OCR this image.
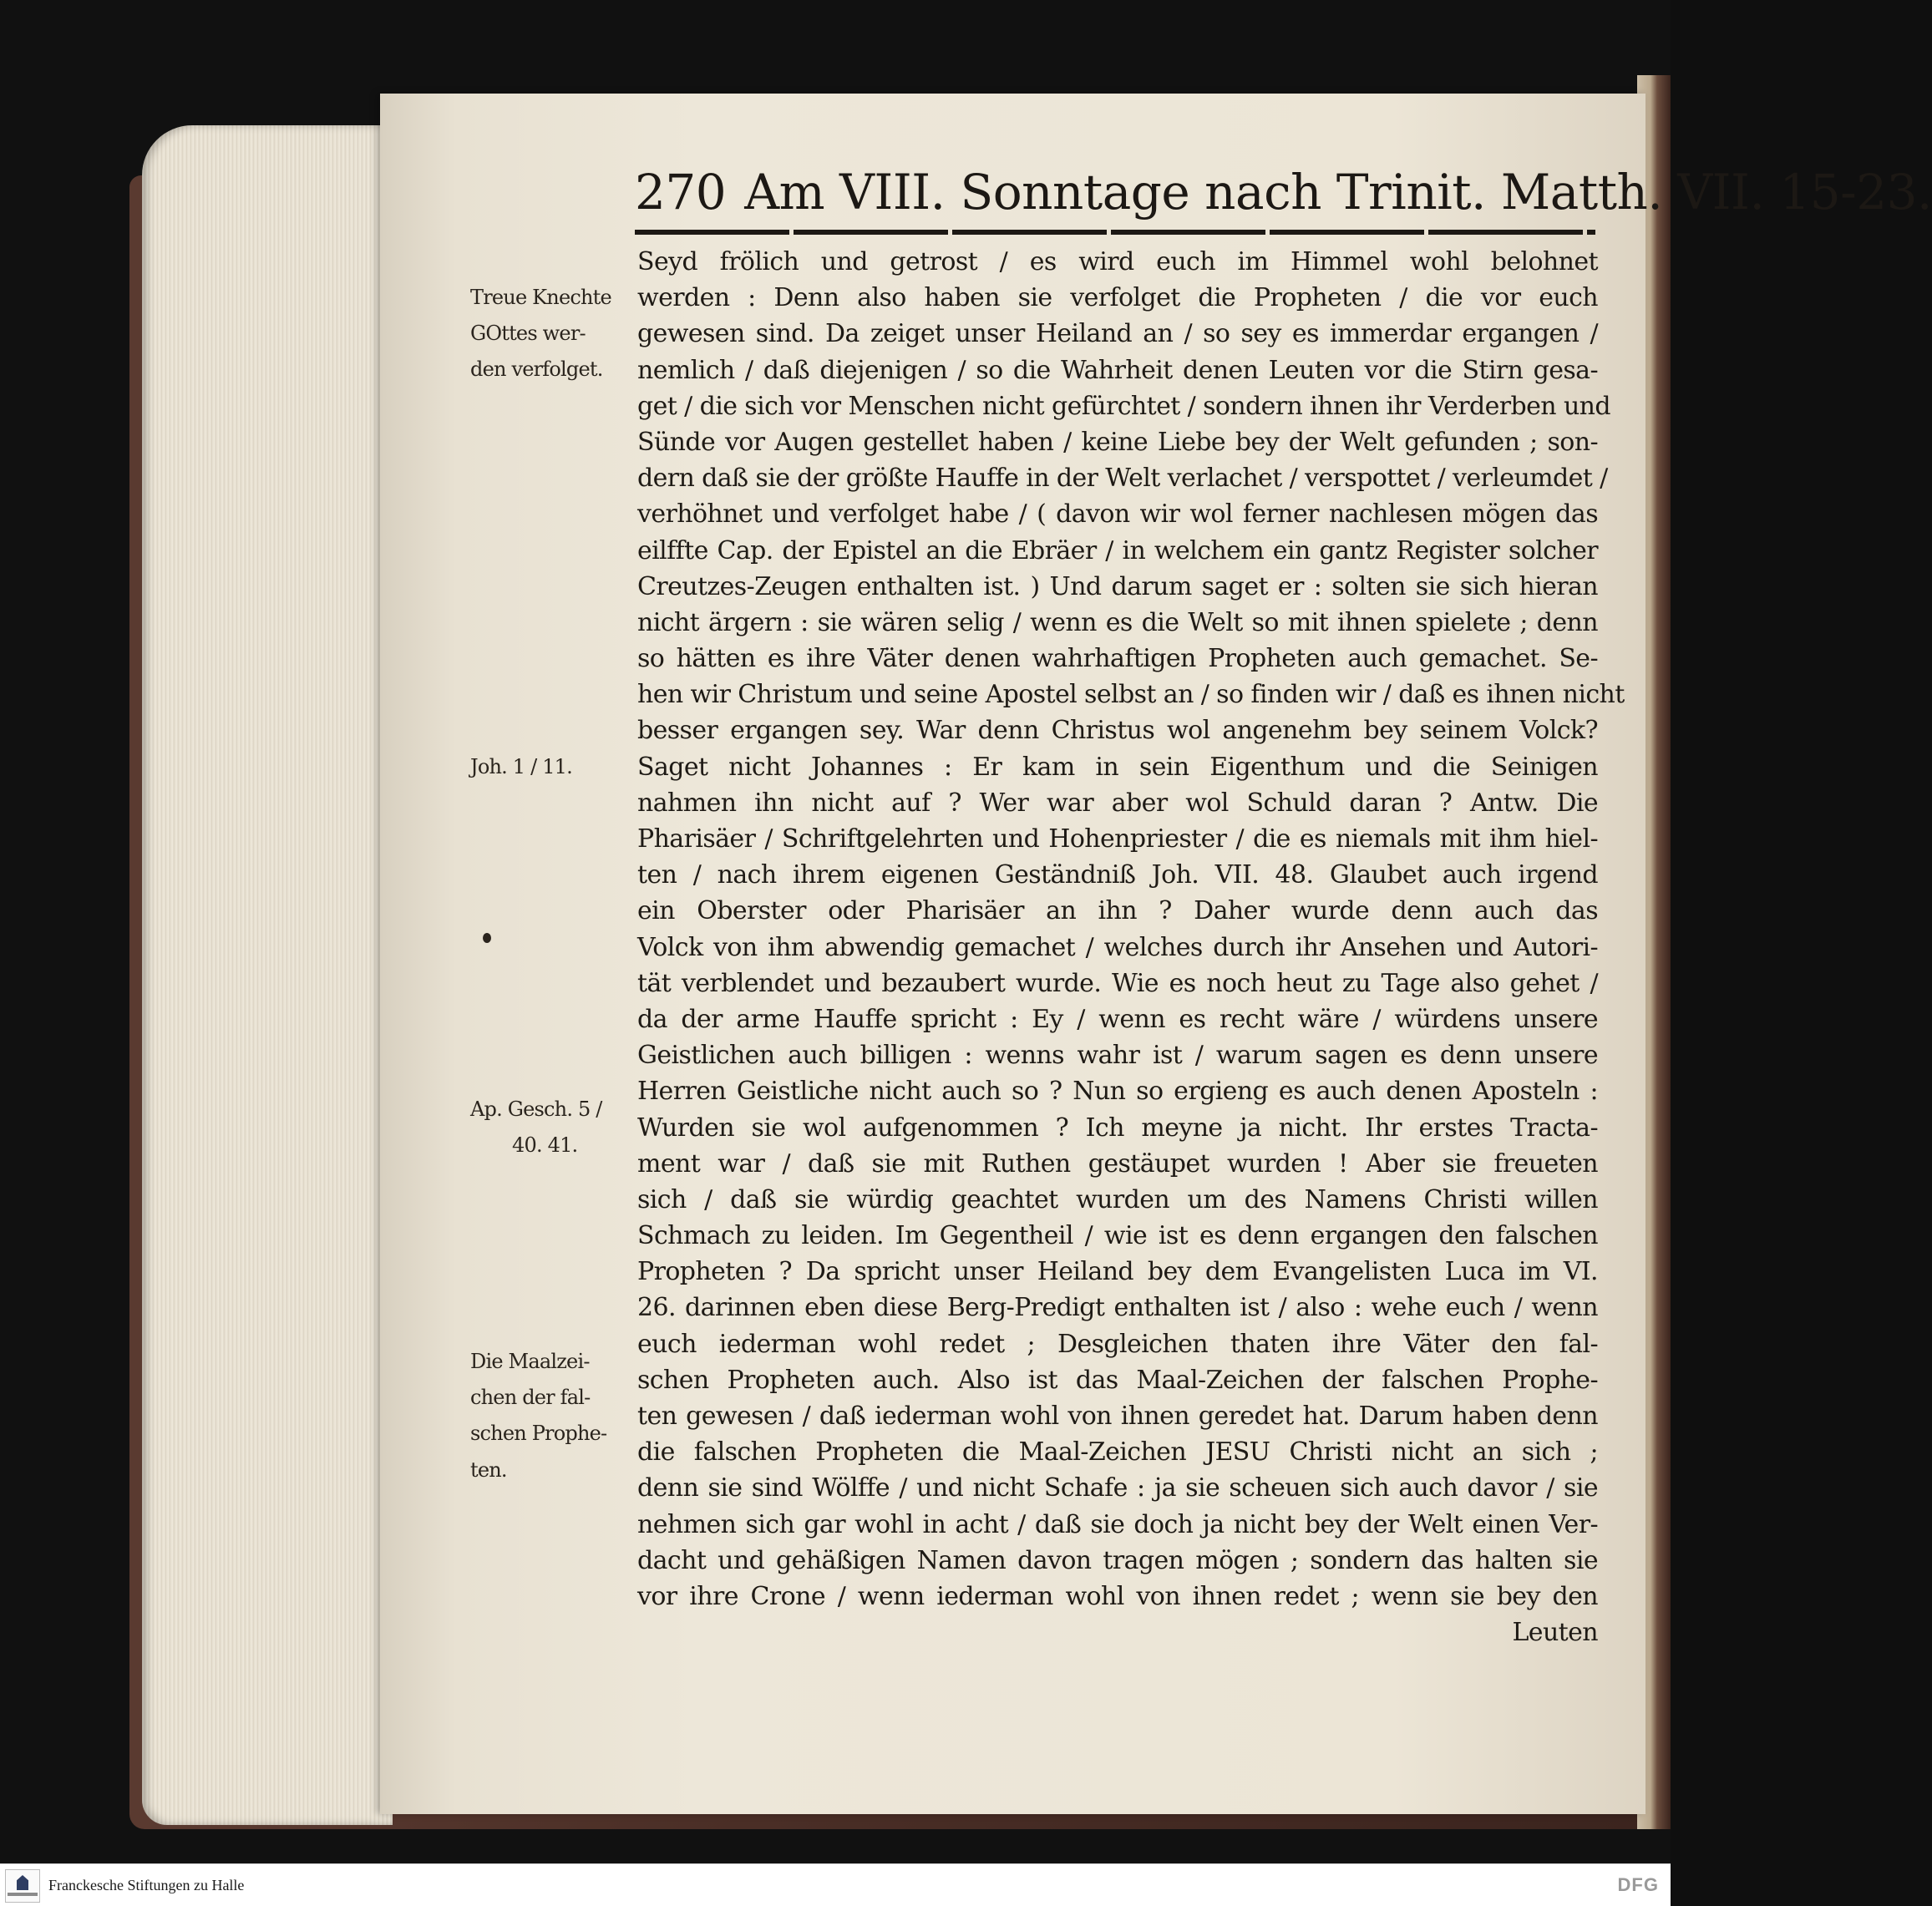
270 Am VIII. Sonntage nach Trinit. Matth. VII. 15-23.
Seyd frölich und getrost / es wird euch im Himmel wohl belohnet
werden : Denn also haben sie verfolget die Propheten / die vor euch
gewesen sind. Da zeiget unser Heiland an / so sey es immerdar ergangen /
nemlich / daß diejenigen / so die Wahrheit denen Leuten vor die Stirn gesa-
get / die sich vor Menschen nicht gefürchtet / sondern ihnen ihr Verderben und
Sünde vor Augen gestellet haben / keine Liebe bey der Welt gefunden ; son-
dern daß sie der größte Hauffe in der Welt verlachet / verspottet / verleumdet /
verhöhnet und verfolget habe / ( davon wir wol ferner nachlesen mögen das
eilffte Cap. der Epistel an die Ebräer / in welchem ein gantz Register solcher
Creutzes-Zeugen enthalten ist. ) Und darum saget er : solten sie sich hieran
nicht ärgern : sie wären selig / wenn es die Welt so mit ihnen spielete ; denn
so hätten es ihre Väter denen wahrhaftigen Propheten auch gemachet. Se-
hen wir Christum und seine Apostel selbst an / so finden wir / daß es ihnen nicht
besser ergangen sey. War denn Christus wol angenehm bey seinem Volck?
Saget nicht Johannes : Er kam in sein Eigenthum und die Seinigen
nahmen ihn nicht auf ? Wer war aber wol Schuld daran ? Antw. Die
Pharisäer / Schriftgelehrten und Hohenpriester / die es niemals mit ihm hiel-
ten / nach ihrem eigenen Geständniß Joh. VII. 48. Glaubet auch irgend
ein Oberster oder Pharisäer an ihn ? Daher wurde denn auch das
Volck von ihm abwendig gemachet / welches durch ihr Ansehen und Autori-
tät verblendet und bezaubert wurde. Wie es noch heut zu Tage also gehet /
da der arme Hauffe spricht : Ey / wenn es recht wäre / würdens unsere
Geistlichen auch billigen : wenns wahr ist / warum sagen es denn unsere
Herren Geistliche nicht auch so ? Nun so ergieng es auch denen Aposteln :
Wurden sie wol aufgenommen ? Ich meyne ja nicht. Ihr erstes Tracta-
ment war / daß sie mit Ruthen gestäupet wurden ! Aber sie freueten
sich / daß sie würdig geachtet wurden um des Namens Christi willen
Schmach zu leiden. Im Gegentheil / wie ist es denn ergangen den falschen
Propheten ? Da spricht unser Heiland bey dem Evangelisten Luca im VI.
26. darinnen eben diese Berg-Predigt enthalten ist / also : wehe euch / wenn
euch iederman wohl redet ; Desgleichen thaten ihre Väter den fal-
schen Propheten auch. Also ist das Maal-Zeichen der falschen Prophe-
ten gewesen / daß iederman wohl von ihnen geredet hat. Darum haben denn
die falschen Propheten die Maal-Zeichen JESU Christi nicht an sich ;
denn sie sind Wölffe / und nicht Schafe : ja sie scheuen sich auch davor / sie
nehmen sich gar wohl in acht / daß sie doch ja nicht bey der Welt einen Ver-
dacht und gehäßigen Namen davon tragen mögen ; sondern das halten sie
vor ihre Crone / wenn iederman wohl von ihnen redet ; wenn sie bey den
Leuten
Treue Knechte
GOttes wer-
den verfolget.
Joh. 1 / 11.
Ap. Gesch. 5 /
40. 41.
Die Maalzei-
chen der fal-
schen Prophe-
ten.
Franckesche Stiftungen zu Halle	DFG
